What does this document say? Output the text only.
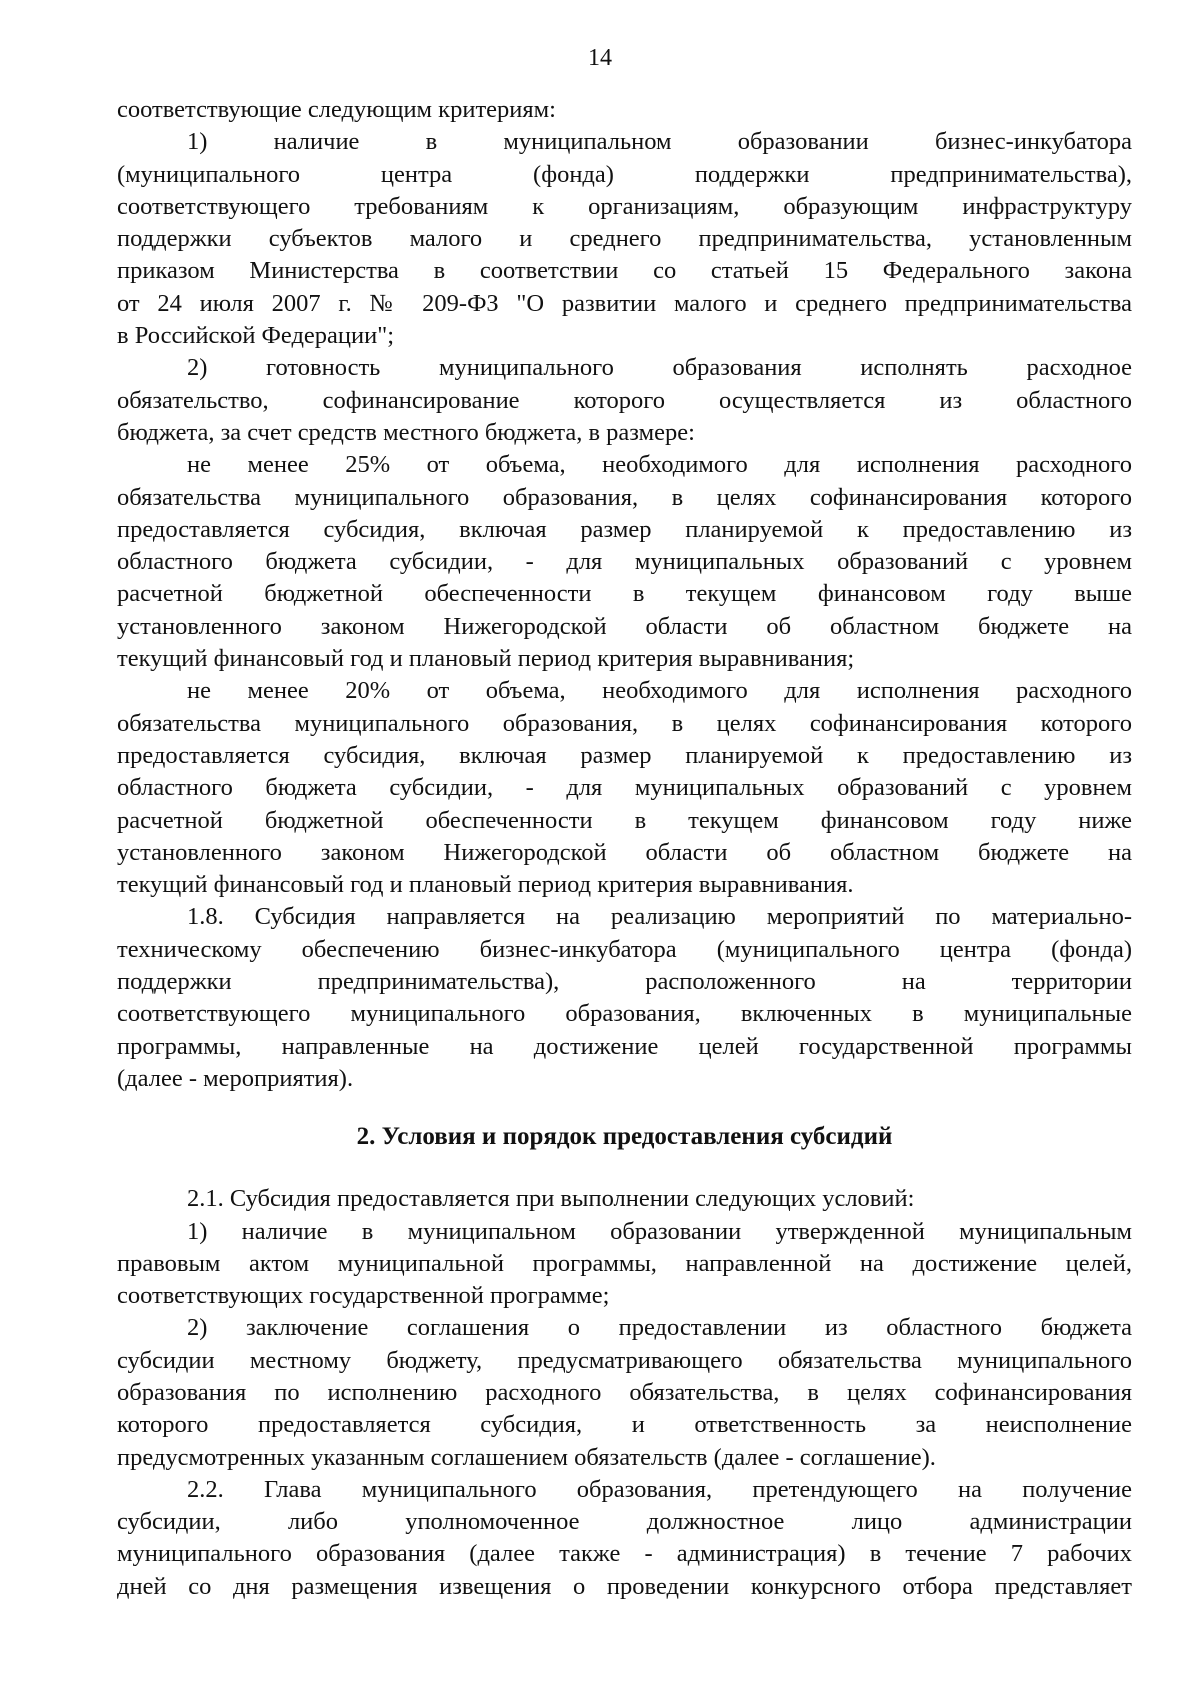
14
соответствующие следующим критериям:
1) наличие в муниципальном образовании бизнес-инкубатора
(муниципального центра (фонда) поддержки предпринимательства),
соответствующего требованиям к организациям, образующим инфраструктуру
поддержки субъектов малого и среднего предпринимательства, установленным
приказом Министерства в соответствии со статьей 15 Федерального закона
от 24 июля 2007 г. № 209-ФЗ "О развитии малого и среднего предпринимательства
в Российской Федерации";
2) готовность муниципального образования исполнять расходное
обязательство, софинансирование которого осуществляется из областного
бюджета, за счет средств местного бюджета, в размере:
не менее 25% от объема, необходимого для исполнения расходного
обязательства муниципального образования, в целях софинансирования которого
предоставляется субсидия, включая размер планируемой к предоставлению из
областного бюджета субсидии, - для муниципальных образований с уровнем
расчетной бюджетной обеспеченности в текущем финансовом году выше
установленного законом Нижегородской области об областном бюджете на
текущий финансовый год и плановый период критерия выравнивания;
не менее 20% от объема, необходимого для исполнения расходного
обязательства муниципального образования, в целях софинансирования которого
предоставляется субсидия, включая размер планируемой к предоставлению из
областного бюджета субсидии, - для муниципальных образований с уровнем
расчетной бюджетной обеспеченности в текущем финансовом году ниже
установленного законом Нижегородской области об областном бюджете на
текущий финансовый год и плановый период критерия выравнивания.
1.8. Субсидия направляется на реализацию мероприятий по материально-
техническому обеспечению бизнес-инкубатора (муниципального центра (фонда)
поддержки предпринимательства), расположенного на территории
соответствующего муниципального образования, включенных в муниципальные
программы, направленные на достижение целей государственной программы
(далее - мероприятия).
2. Условия и порядок предоставления субсидий
2.1. Субсидия предоставляется при выполнении следующих условий:
1) наличие в муниципальном образовании утвержденной муниципальным
правовым актом муниципальной программы, направленной на достижение целей,
соответствующих государственной программе;
2) заключение соглашения о предоставлении из областного бюджета
субсидии местному бюджету, предусматривающего обязательства муниципального
образования по исполнению расходного обязательства, в целях софинансирования
которого предоставляется субсидия, и ответственность за неисполнение
предусмотренных указанным соглашением обязательств (далее - соглашение).
2.2. Глава муниципального образования, претендующего на получение
субсидии, либо уполномоченное должностное лицо администрации
муниципального образования (далее также - администрация) в течение 7 рабочих
дней со дня размещения извещения о проведении конкурсного отбора представляет
